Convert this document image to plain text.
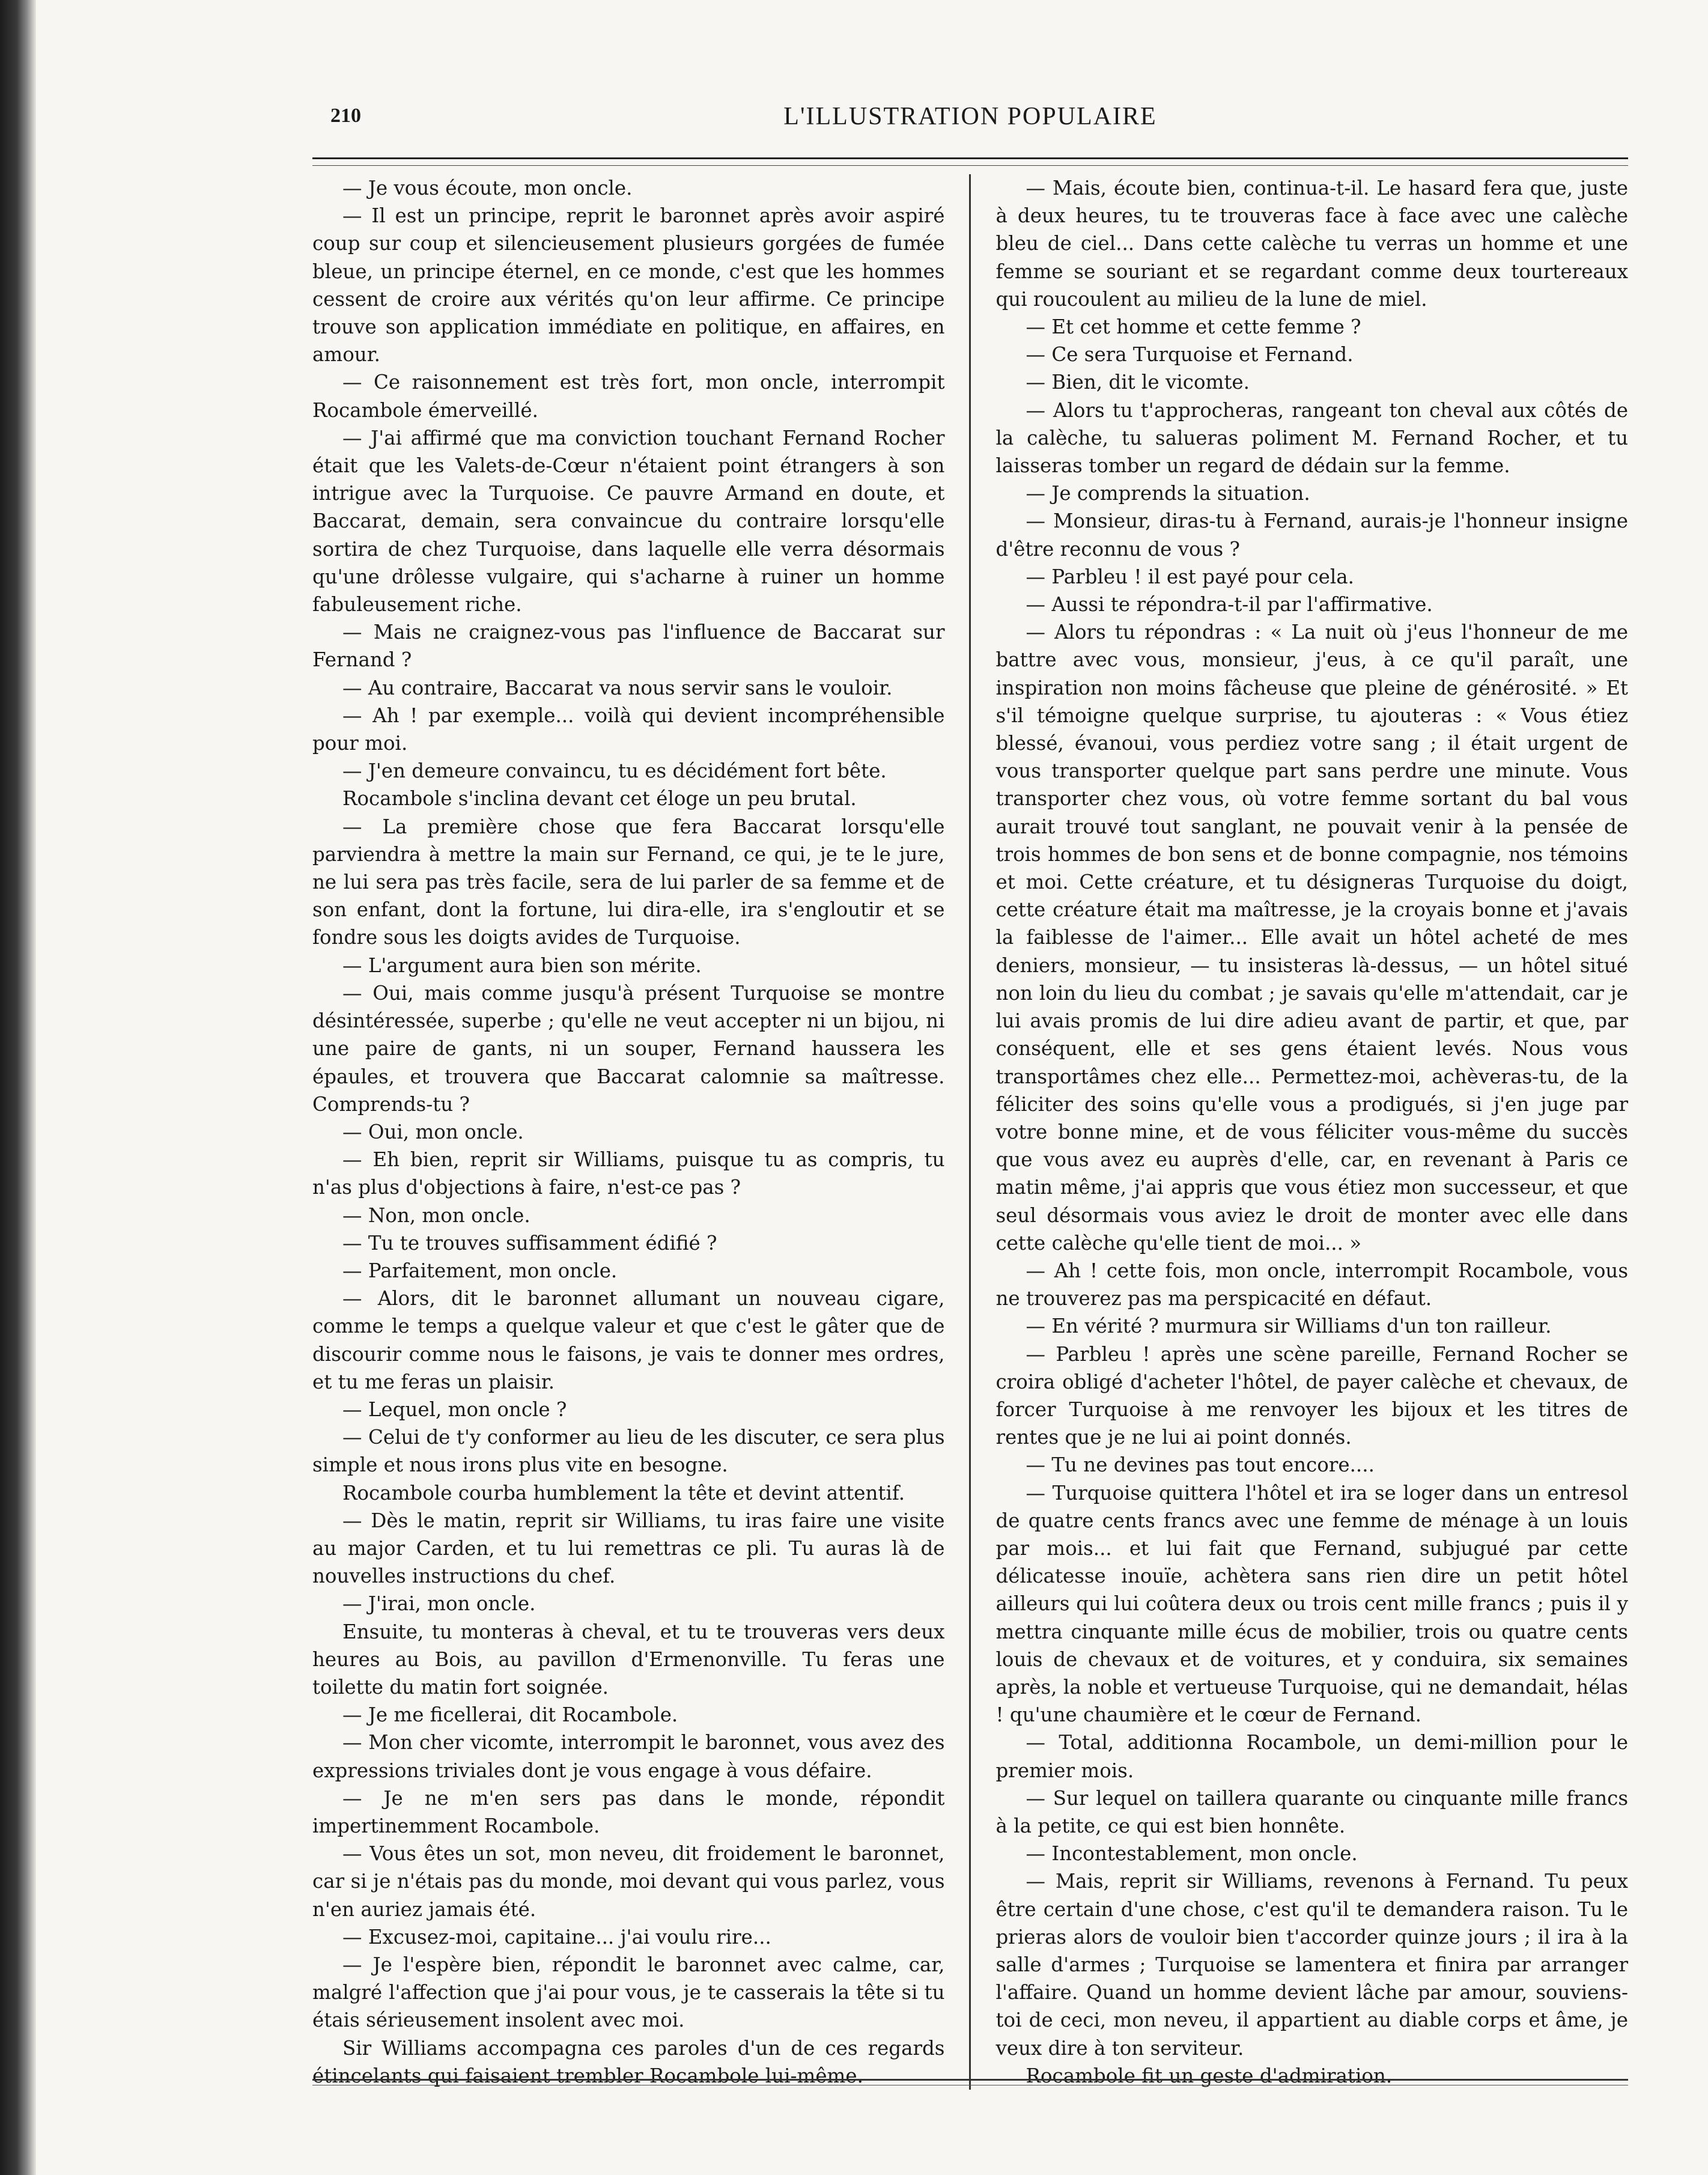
210	L'ILLUSTRATION POPULAIRE

— Je vous écoute, mon oncle.

— Il est un principe, reprit le baronnet après avoir aspiré coup sur coup et silencieusement plusieurs gorgées de fumée bleue, un principe éternel, en ce monde, c'est que les hommes cessent de croire aux vérités qu'on leur affirme. Ce principe trouve son application immédiate en politique, en affaires, en amour.

— Ce raisonnement est très fort, mon oncle, interrompit Rocambole émerveillé.

— J'ai affirmé que ma conviction touchant Fernand Rocher était que les Valets-de-Cœur n'étaient point étrangers à son intrigue avec la Turquoise. Ce pauvre Armand en doute, et Baccarat, demain, sera convaincue du contraire lorsqu'elle sortira de chez Turquoise, dans laquelle elle verra désormais qu'une drôlesse vulgaire, qui s'acharne à ruiner un homme fabuleusement riche.

— Mais ne craignez-vous pas l'influence de Baccarat sur Fernand ?

— Au contraire, Baccarat va nous servir sans le vouloir.

— Ah ! par exemple... voilà qui devient incompréhensible pour moi.

— J'en demeure convaincu, tu es décidément fort bête.

Rocambole s'inclina devant cet éloge un peu brutal.

— La première chose que fera Baccarat lorsqu'elle parviendra à mettre la main sur Fernand, ce qui, je te le jure, ne lui sera pas très facile, sera de lui parler de sa femme et de son enfant, dont la fortune, lui dira-elle, ira s'engloutir et se fondre sous les doigts avides de Turquoise.

— L'argument aura bien son mérite.

— Oui, mais comme jusqu'à présent Turquoise se montre désintéressée, superbe ; qu'elle ne veut accepter ni un bijou, ni une paire de gants, ni un souper, Fernand haussera les épaules, et trouvera que Baccarat calomnie sa maîtresse. Comprends-tu ?

— Oui, mon oncle.

— Eh bien, reprit sir Williams, puisque tu as compris, tu n'as plus d'objections à faire, n'est-ce pas ?

— Non, mon oncle.

— Tu te trouves suffisamment édifié ?

— Parfaitement, mon oncle.

— Alors, dit le baronnet allumant un nouveau cigare, comme le temps a quelque valeur et que c'est le gâter que de discourir comme nous le faisons, je vais te donner mes ordres, et tu me feras un plaisir.

— Lequel, mon oncle ?

— Celui de t'y conformer au lieu de les discuter, ce sera plus simple et nous irons plus vite en besogne.

Rocambole courba humblement la tête et devint attentif.

— Dès le matin, reprit sir Williams, tu iras faire une visite au major Carden, et tu lui remettras ce pli. Tu auras là de nouvelles instructions du chef.

— J'irai, mon oncle.

Ensuite, tu monteras à cheval, et tu te trouveras vers deux heures au Bois, au pavillon d'Ermenonville. Tu feras une toilette du matin fort soignée.

— Je me ficellerai, dit Rocambole.

— Mon cher vicomte, interrompit le baronnet, vous avez des expressions triviales dont je vous engage à vous défaire.

— Je ne m'en sers pas dans le monde, répondit impertinemment Rocambole.

— Vous êtes un sot, mon neveu, dit froidement le baronnet, car si je n'étais pas du monde, moi devant qui vous parlez, vous n'en auriez jamais été.

— Excusez-moi, capitaine... j'ai voulu rire...

— Je l'espère bien, répondit le baronnet avec calme, car, malgré l'affection que j'ai pour vous, je te casserais la tête si tu étais sérieusement insolent avec moi.

Sir Williams accompagna ces paroles d'un de ces regards étincelants qui faisaient trembler Rocambole lui-même.

— Mais, écoute bien, continua-t-il. Le hasard fera que, juste à deux heures, tu te trouveras face à face avec une calèche bleu de ciel... Dans cette calèche tu verras un homme et une femme se souriant et se regardant comme deux tourtereaux qui roucoulent au milieu de la lune de miel.

— Et cet homme et cette femme ?

— Ce sera Turquoise et Fernand.

— Bien, dit le vicomte.

— Alors tu t'approcheras, rangeant ton cheval aux côtés de la calèche, tu salueras poliment M. Fernand Rocher, et tu laisseras tomber un regard de dédain sur la femme.

— Je comprends la situation.

— Monsieur, diras-tu à Fernand, aurais-je l'honneur insigne d'être reconnu de vous ?

— Parbleu ! il est payé pour cela.

— Aussi te répondra-t-il par l'affirmative.

— Alors tu répondras : « La nuit où j'eus l'honneur de me battre avec vous, monsieur, j'eus, à ce qu'il paraît, une inspiration non moins fâcheuse que pleine de générosité. » Et s'il témoigne quelque surprise, tu ajouteras : « Vous étiez blessé, évanoui, vous perdiez votre sang ; il était urgent de vous transporter quelque part sans perdre une minute. Vous transporter chez vous, où votre femme sortant du bal vous aurait trouvé tout sanglant, ne pouvait venir à la pensée de trois hommes de bon sens et de bonne compagnie, nos témoins et moi. Cette créature, et tu désigneras Turquoise du doigt, cette créature était ma maîtresse, je la croyais bonne et j'avais la faiblesse de l'aimer... Elle avait un hôtel acheté de mes deniers, monsieur, — tu insisteras là-dessus, — un hôtel situé non loin du lieu du combat ; je savais qu'elle m'attendait, car je lui avais promis de lui dire adieu avant de partir, et que, par conséquent, elle et ses gens étaient levés. Nous vous transportâmes chez elle... Permettez-moi, achèveras-tu, de la féliciter des soins qu'elle vous a prodigués, si j'en juge par votre bonne mine, et de vous féliciter vous-même du succès que vous avez eu auprès d'elle, car, en revenant à Paris ce matin même, j'ai appris que vous étiez mon successeur, et que seul désormais vous aviez le droit de monter avec elle dans cette calèche qu'elle tient de moi... »

— Ah ! cette fois, mon oncle, interrompit Rocambole, vous ne trouverez pas ma perspicacité en défaut.

— En vérité ? murmura sir Williams d'un ton railleur.

— Parbleu ! après une scène pareille, Fernand Rocher se croira obligé d'acheter l'hôtel, de payer calèche et chevaux, de forcer Turquoise à me renvoyer les bijoux et les titres de rentes que je ne lui ai point donnés.

— Tu ne devines pas tout encore....

— Turquoise quittera l'hôtel et ira se loger dans un entresol de quatre cents francs avec une femme de ménage à un louis par mois... et lui fait que Fernand, subjugué par cette délicatesse inouïe, achètera sans rien dire un petit hôtel ailleurs qui lui coûtera deux ou trois cent mille francs ; puis il y mettra cinquante mille écus de mobilier, trois ou quatre cents louis de chevaux et de voitures, et y conduira, six semaines après, la noble et vertueuse Turquoise, qui ne demandait, hélas ! qu'une chaumière et le cœur de Fernand.

— Total, additionna Rocambole, un demi-million pour le premier mois.

— Sur lequel on taillera quarante ou cinquante mille francs à la petite, ce qui est bien honnête.

— Incontestablement, mon oncle.

— Mais, reprit sir Williams, revenons à Fernand. Tu peux être certain d'une chose, c'est qu'il te demandera raison. Tu le prieras alors de vouloir bien t'accorder quinze jours ; il ira à la salle d'armes ; Turquoise se lamentera et finira par arranger l'affaire. Quand un homme devient lâche par amour, souviens-toi de ceci, mon neveu, il appartient au diable corps et âme, je veux dire à ton serviteur.

Rocambole fit un geste d'admiration.
